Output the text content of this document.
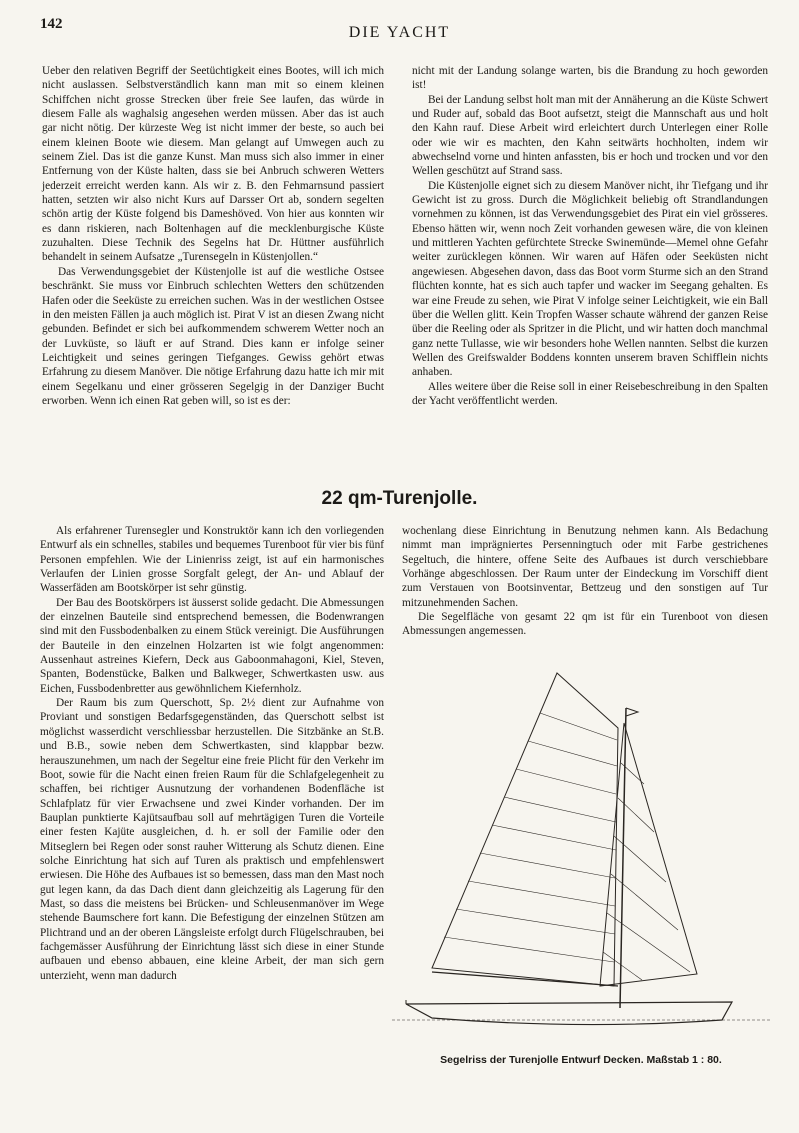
142	DIE YACHT

Ueber den relativen Begriff der Seetüchtigkeit eines Bootes, will ich mich nicht auslassen. Selbstverständlich kann man mit so einem kleinen Schiffchen nicht grosse Strecken über freie See laufen, das würde in diesem Falle als waghalsig angesehen werden müssen. Aber das ist auch gar nicht nötig. Der kürzeste Weg ist nicht immer der beste, so auch bei einem kleinen Boote wie diesem. Man gelangt auf Umwegen auch zu seinem Ziel. Das ist die ganze Kunst. Man muss sich also immer in einer Entfernung von der Küste halten, dass sie bei Anbruch schweren Wetters jederzeit erreicht werden kann. Als wir z. B. den Fehmarnsund passiert hatten, setzten wir also nicht Kurs auf Darsser Ort ab, sondern segelten schön artig der Küste folgend bis Dameshöved. Von hier aus konnten wir es dann riskieren, nach Boltenhagen auf die mecklenburgische Küste zuzuhalten. Diese Technik des Segelns hat Dr. Hüttner ausführlich behandelt in seinem Aufsatze „Turensegeln in Küstenjollen.“

Das Verwendungsgebiet der Küstenjolle ist auf die westliche Ostsee beschränkt. Sie muss vor Einbruch schlechten Wetters den schützenden Hafen oder die Seeküste zu erreichen suchen. Was in der westlichen Ostsee in den meisten Fällen ja auch möglich ist. Pirat V ist an diesen Zwang nicht gebunden. Befindet er sich bei aufkommendem schwerem Wetter noch an der Luvküste, so läuft er auf Strand. Dies kann er infolge seiner Leichtigkeit und seines geringen Tiefganges. Gewiss gehört etwas Erfahrung zu diesem Manöver. Die nötige Erfahrung dazu hatte ich mir mit einem Segelkanu und einer grösseren Segelgig in der Danziger Bucht erworben. Wenn ich einen Rat geben will, so ist es der:

nicht mit der Landung solange warten, bis die Brandung zu hoch geworden ist!

Bei der Landung selbst holt man mit der Annäherung an die Küste Schwert und Ruder auf, sobald das Boot aufsetzt, steigt die Mannschaft aus und holt den Kahn rauf. Diese Arbeit wird erleichtert durch Unterlegen einer Rolle oder wie wir es machten, den Kahn seitwärts hochholten, indem wir abwechselnd vorne und hinten anfassten, bis er hoch und trocken und vor den Wellen geschützt auf Strand sass.

Die Küstenjolle eignet sich zu diesem Manöver nicht, ihr Tiefgang und ihr Gewicht ist zu gross. Durch die Möglichkeit beliebig oft Strandlandungen vornehmen zu können, ist das Verwendungsgebiet des Pirat ein viel grösseres. Ebenso hätten wir, wenn noch Zeit vorhanden gewesen wäre, die von kleinen und mittleren Yachten gefürchtete Strecke Swinemünde—Memel ohne Gefahr weiter zurücklegen können. Wir waren auf Häfen oder Seeküsten nicht angewiesen. Abgesehen davon, dass das Boot vorm Sturme sich an den Strand flüchten konnte, hat es sich auch tapfer und wacker im Seegang gehalten. Es war eine Freude zu sehen, wie Pirat V infolge seiner Leichtigkeit, wie ein Ball über die Wellen glitt. Kein Tropfen Wasser schaute während der ganzen Reise über die Reeling oder als Spritzer in die Plicht, und wir hatten doch manchmal ganz nette Tullasse, wie wir besonders hohe Wellen nannten. Selbst die kurzen Wellen des Greifswalder Boddens konnten unserem braven Schifflein nichts anhaben.

Alles weitere über die Reise soll in einer Reisebeschreibung in den Spalten der Yacht veröffentlicht werden.

22 qm-Turenjolle.

Als erfahrener Turensegler und Konstruktör kann ich den vorliegenden Entwurf als ein schnelles, stabiles und bequemes Turenboot für vier bis fünf Personen empfehlen. Wie der Linienriss zeigt, ist auf ein harmonisches Verlaufen der Linien grosse Sorgfalt gelegt, der An- und Ablauf der Wasserfäden am Bootskörper ist sehr günstig.

Der Bau des Bootskörpers ist äusserst solide gedacht. Die Abmessungen der einzelnen Bauteile sind entsprechend bemessen, die Bodenwrangen sind mit den Fussbodenbalken zu einem Stück vereinigt. Die Ausführungen der Bauteile in den einzelnen Holzarten ist wie folgt angenommen: Aussenhaut astreines Kiefern, Deck aus Gaboonmahagoni, Kiel, Steven, Spanten, Bodenstücke, Balken und Balkweger, Schwertkasten usw. aus Eichen, Fussbodenbretter aus gewöhnlichem Kiefernholz.

Der Raum bis zum Querschott, Sp. 2½ dient zur Aufnahme von Proviant und sonstigen Bedarfsgegenständen, das Querschott selbst ist möglichst wasserdicht verschliessbar herzustellen. Die Sitzbänke an St.B. und B.B., sowie neben dem Schwertkasten, sind klappbar bezw. herauszunehmen, um nach der Segeltur eine freie Plicht für den Verkehr im Boot, sowie für die Nacht einen freien Raum für die Schlafgelegenheit zu schaffen, bei richtiger Ausnutzung der vorhandenen Bodenfläche ist Schlafplatz für vier Erwachsene und zwei Kinder vorhanden. Der im Bauplan punktierte Kajütsaufbau soll auf mehrtägigen Turen die Vorteile einer festen Kajüte ausgleichen, d. h. er soll der Familie oder den Mitseglern bei Regen oder sonst rauher Witterung als Schutz dienen. Eine solche Einrichtung hat sich auf Turen als praktisch und empfehlenswert erwiesen. Die Höhe des Aufbaues ist so bemessen, dass man den Mast noch gut legen kann, da das Dach dient dann gleichzeitig als Lagerung für den Mast, so dass die meistens bei Brücken- und Schleusenmanöver im Wege stehende Baumschere fort kann. Die Befestigung der einzelnen Stützen am Plichtrand und an der oberen Längsleiste erfolgt durch Flügelschrauben, bei fachgemässer Ausführung der Einrichtung lässt sich diese in einer Stunde aufbauen und ebenso abbauen, eine kleine Arbeit, der man sich gern unterzieht, wenn man dadurch

wochenlang diese Einrichtung in Benutzung nehmen kann. Als Bedachung nimmt man imprägniertes Persenningtuch oder mit Farbe gestrichenes Segeltuch, die hintere, offene Seite des Aufbaues ist durch verschiebbare Vorhänge abgeschlossen. Der Raum unter der Eindeckung im Vorschiff dient zum Verstauen von Bootsinventar, Bettzeug und den sonstigen auf Tur mitzunehmenden Sachen.

Die Segelfläche von gesamt 22 qm ist für ein Turenboot von diesen Abmessungen angemessen.

Segelriss der Turenjolle Entwurf Decken. Maßstab 1 : 80.
